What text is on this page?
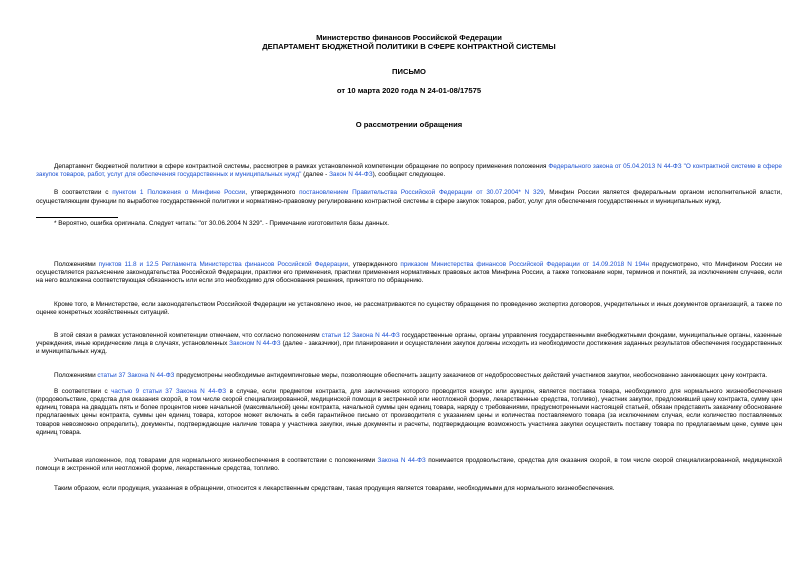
Министерство финансов Российской Федерации
ДЕПАРТАМЕНТ БЮДЖЕТНОЙ ПОЛИТИКИ В СФЕРЕ КОНТРАКТНОЙ СИСТЕМЫ
ПИСЬМО
от 10 марта 2020 года N 24-01-08/17575
О рассмотрении обращения

Департамент бюджетной политики в сфере контрактной системы, рассмотрев в рамках установленной компетенции обращение по вопросу применения положения Федерального закона от 05.04.2013 N 44-ФЗ "О контрактной системе в сфере закупок товаров, работ, услуг для обеспечения государственных и муниципальных нужд" (далее - Закон N 44-ФЗ), сообщает следующее.

В соответствии с пунктом 1 Положения о Минфине России, утвержденного постановлением Правительства Российской Федерации от 30.07.2004* N 329, Минфин России является федеральным органом исполнительной власти, осуществляющим функции по выработке государственной политики и нормативно-правовому регулированию контрактной системы в сфере закупок товаров, работ, услуг для обеспечения государственных и муниципальных нужд.

* Вероятно, ошибка оригинала. Следует читать: "от 30.06.2004 N 329". - Примечание изготовителя базы данных.

Положениями пунктов 11.8 и 12.5 Регламента Министерства финансов Российской Федерации, утвержденного приказом Министерства финансов Российской Федерации от 14.09.2018 N 194н предусмотрено, что Минфином России не осуществляется разъяснение законодательства Российской Федерации, практики его применения, практики применения нормативных правовых актов Минфина России, а также толкование норм, терминов и понятий, за исключением случаев, если на него возложена соответствующая обязанность или если это необходимо для обоснования решения, принятого по обращению.

Кроме того, в Министерстве, если законодательством Российской Федерации не установлено иное, не рассматриваются по существу обращения по проведению экспертиз договоров, учредительных и иных документов организаций, а также по оценке конкретных хозяйственных ситуаций.

В этой связи в рамках установленной компетенции отмечаем, что согласно положениям статьи 12 Закона N 44-ФЗ государственные органы, органы управления государственными внебюджетными фондами, муниципальные органы, казенные учреждения, иные юридические лица в случаях, установленных Законом N 44-ФЗ (далее - заказчики), при планировании и осуществлении закупок должны исходить из необходимости достижения заданных результатов обеспечения государственных и муниципальных нужд.

Положениями статьи 37 Закона N 44-ФЗ предусмотрены необходимые антидемпинговые меры, позволяющие обеспечить защиту заказчиков от недобросовестных действий участников закупки, необоснованно занижающих цену контракта.

В соответствии с частью 9 статьи 37 Закона N 44-ФЗ в случае, если предметом контракта, для заключения которого проводится конкурс или аукцион, является поставка товара, необходимого для нормального жизнеобеспечения (продовольствие, средства для оказания скорой, в том числе скорой специализированной, медицинской помощи в экстренной или неотложной форме, лекарственные средства, топливо), участник закупки, предложивший цену контракта, сумму цен единиц товара на двадцать пять и более процентов ниже начальной (максимальной) цены контракта, начальной суммы цен единиц товара, наряду с требованиями, предусмотренными настоящей статьей, обязан представить заказчику обоснование предлагаемых цены контракта, суммы цен единиц товара, которое может включать в себя гарантийное письмо от производителя с указанием цены и количества поставляемого товара (за исключением случая, если количество поставляемых товаров невозможно определить), документы, подтверждающие наличие товара у участника закупки, иные документы и расчеты, подтверждающие возможность участника закупки осуществить поставку товара по предлагаемым цене, сумме цен единиц товара.

Учитывая изложенное, под товарами для нормального жизнеобеспечения в соответствии с положениями Закона N 44-ФЗ понимается продовольствие, средства для оказания скорой, в том числе скорой специализированной, медицинской помощи в экстренной или неотложной форме, лекарственные средства, топливо.

Таким образом, если продукция, указанная в обращении, относится к лекарственным средствам, такая продукция является товарами, необходимыми для нормального жизнеобеспечения.
